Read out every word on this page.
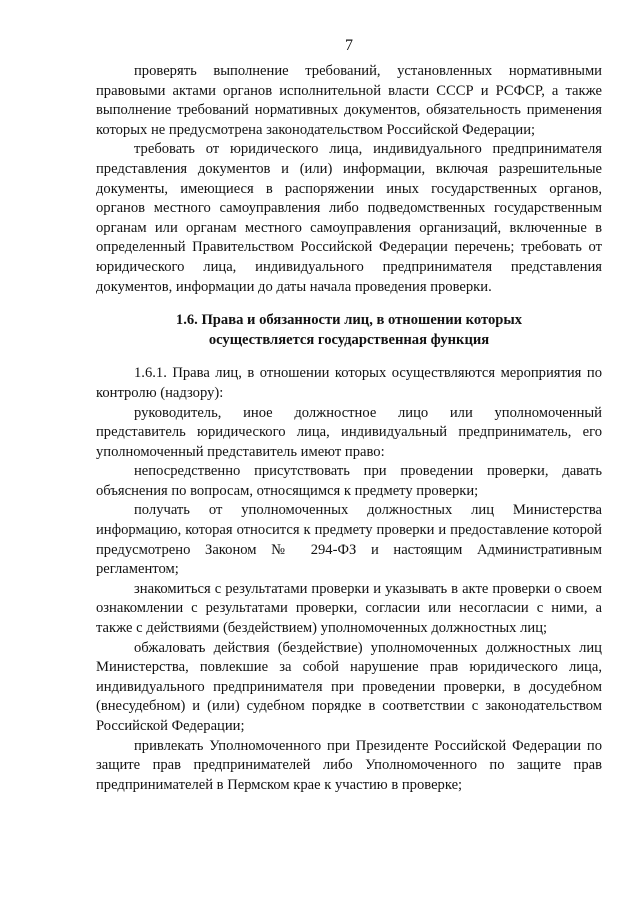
7

проверять выполнение требований, установленных нормативными правовыми актами органов исполнительной власти СССР и РСФСР, а также выполнение требований нормативных документов, обязательность применения которых не предусмотрена законодательством Российской Федерации;

требовать от юридического лица, индивидуального предпринимателя представления документов и (или) информации, включая разрешительные документы, имеющиеся в распоряжении иных государственных органов, органов местного самоуправления либо подведомственных государственным органам или органам местного самоуправления организаций, включенные в определенный Правительством Российской Федерации перечень; требовать от юридического лица, индивидуального предпринимателя представления документов, информации до даты начала проведения проверки.

1.6. Права и обязанности лиц, в отношении которых

осуществляется государственная функция

1.6.1. Права лиц, в отношении которых осуществляются мероприятия по контролю (надзору):

руководитель, иное должностное лицо или уполномоченный представитель юридического лица, индивидуальный предприниматель, его уполномоченный представитель имеют право:

непосредственно присутствовать при проведении проверки, давать объяснения по вопросам, относящимся к предмету проверки;

получать от уполномоченных должностных лиц Министерства информацию, которая относится к предмету проверки и предоставление которой предусмотрено Законом № 294-ФЗ и настоящим Административным регламентом;

знакомиться с результатами проверки и указывать в акте проверки о своем ознакомлении с результатами проверки, согласии или несогласии с ними, а также с действиями (бездействием) уполномоченных должностных лиц;

обжаловать действия (бездействие) уполномоченных должностных лиц Министерства, повлекшие за собой нарушение прав юридического лица, индивидуального предпринимателя при проведении проверки, в досудебном (внесудебном) и (или) судебном порядке в соответствии с законодательством Российской Федерации;

привлекать Уполномоченного при Президенте Российской Федерации по защите прав предпринимателей либо Уполномоченного по защите прав предпринимателей в Пермском крае к участию в проверке;
